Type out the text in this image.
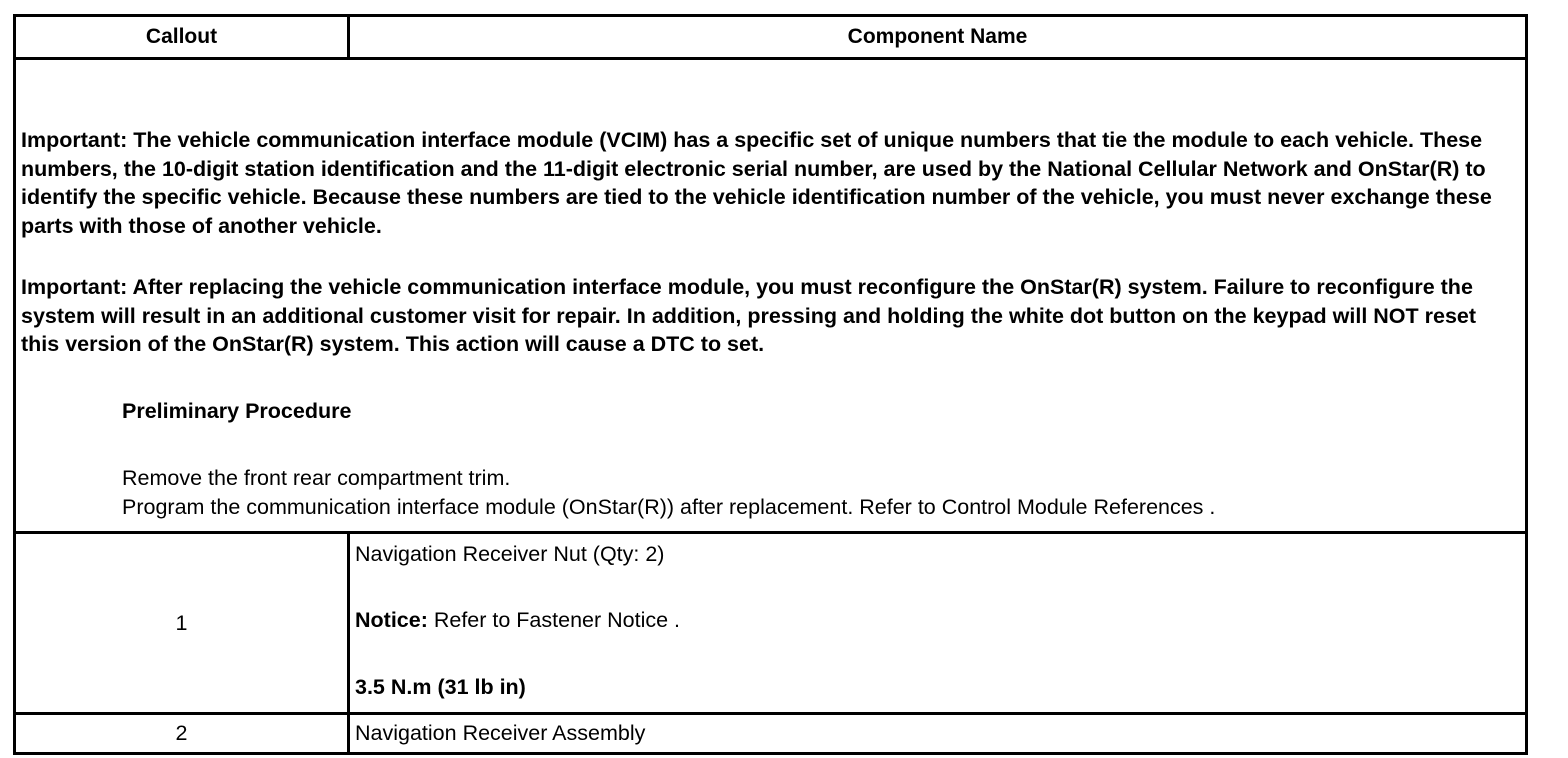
Callout	Component Name

Important: The vehicle communication interface module (VCIM) has a specific set of unique numbers that tie the module to each vehicle. These numbers, the 10-digit station identification and the 11-digit electronic serial number, are used by the National Cellular Network and OnStar(R) to identify the specific vehicle. Because these numbers are tied to the vehicle identification number of the vehicle, you must never exchange these parts with those of another vehicle.

Important: After replacing the vehicle communication interface module, you must reconfigure the OnStar(R) system. Failure to reconfigure the system will result in an additional customer visit for repair. In addition, pressing and holding the white dot button on the keypad will NOT reset this version of the OnStar(R) system. This action will cause a DTC to set.

Preliminary Procedure
Remove the front rear compartment trim.
Program the communication interface module (OnStar(R)) after replacement. Refer to Control Module References .
1
Navigation Receiver Nut (Qty: 2)
Notice: Refer to Fastener Notice .
3.5 N.m (31 lb in)
2	Navigation Receiver Assembly
